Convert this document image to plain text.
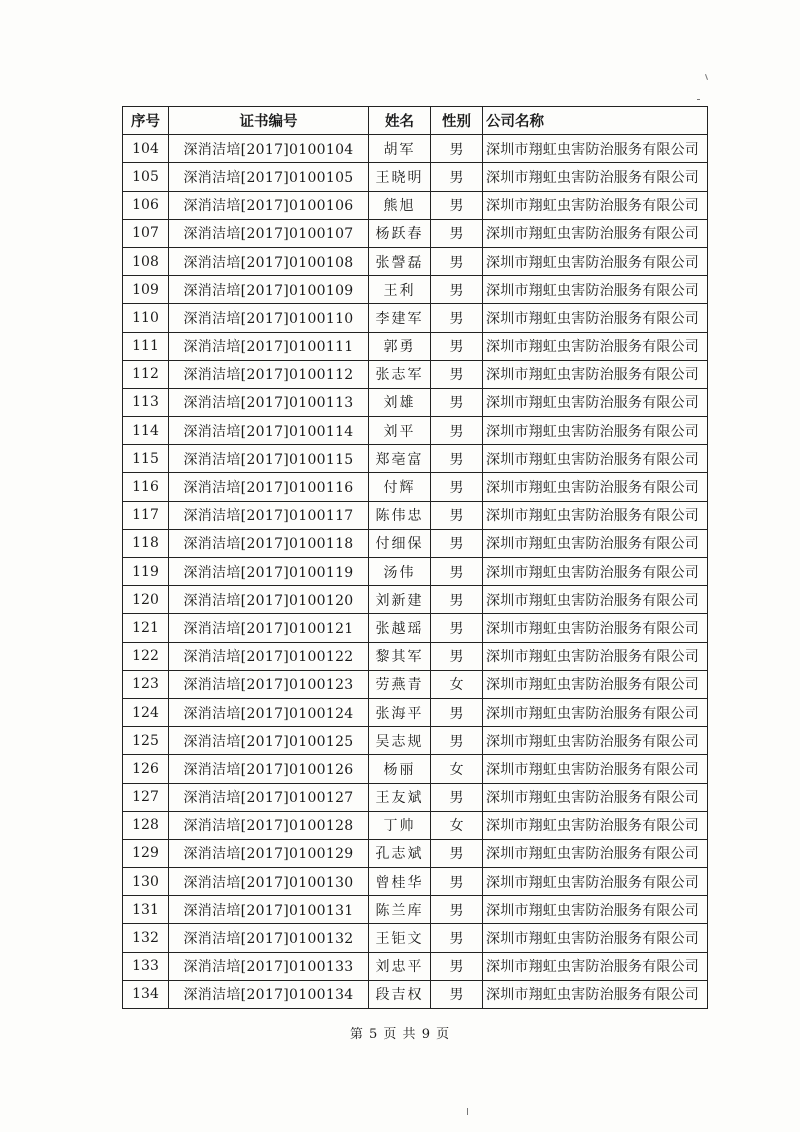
序号	证书编号	姓名	性别	公司名称
104	深消洁培[2017]0100104	胡军	男	深圳市翔虹虫害防治服务有限公司
105	深消洁培[2017]0100105	王晓明	男	深圳市翔虹虫害防治服务有限公司
106	深消洁培[2017]0100106	熊旭	男	深圳市翔虹虫害防治服务有限公司
107	深消洁培[2017]0100107	杨跃春	男	深圳市翔虹虫害防治服务有限公司
108	深消洁培[2017]0100108	张謦磊	男	深圳市翔虹虫害防治服务有限公司
109	深消洁培[2017]0100109	王利	男	深圳市翔虹虫害防治服务有限公司
110	深消洁培[2017]0100110	李建军	男	深圳市翔虹虫害防治服务有限公司
111	深消洁培[2017]0100111	郭勇	男	深圳市翔虹虫害防治服务有限公司
112	深消洁培[2017]0100112	张志军	男	深圳市翔虹虫害防治服务有限公司
113	深消洁培[2017]0100113	刘雄	男	深圳市翔虹虫害防治服务有限公司
114	深消洁培[2017]0100114	刘平	男	深圳市翔虹虫害防治服务有限公司
115	深消洁培[2017]0100115	郑亳富	男	深圳市翔虹虫害防治服务有限公司
116	深消洁培[2017]0100116	付辉	男	深圳市翔虹虫害防治服务有限公司
117	深消洁培[2017]0100117	陈伟忠	男	深圳市翔虹虫害防治服务有限公司
118	深消洁培[2017]0100118	付细保	男	深圳市翔虹虫害防治服务有限公司
119	深消洁培[2017]0100119	汤伟	男	深圳市翔虹虫害防治服务有限公司
120	深消洁培[2017]0100120	刘新建	男	深圳市翔虹虫害防治服务有限公司
121	深消洁培[2017]0100121	张越瑶	男	深圳市翔虹虫害防治服务有限公司
122	深消洁培[2017]0100122	黎其军	男	深圳市翔虹虫害防治服务有限公司
123	深消洁培[2017]0100123	劳燕青	女	深圳市翔虹虫害防治服务有限公司
124	深消洁培[2017]0100124	张海平	男	深圳市翔虹虫害防治服务有限公司
125	深消洁培[2017]0100125	吴志规	男	深圳市翔虹虫害防治服务有限公司
126	深消洁培[2017]0100126	杨丽	女	深圳市翔虹虫害防治服务有限公司
127	深消洁培[2017]0100127	王友斌	男	深圳市翔虹虫害防治服务有限公司
128	深消洁培[2017]0100128	丁帅	女	深圳市翔虹虫害防治服务有限公司
129	深消洁培[2017]0100129	孔志斌	男	深圳市翔虹虫害防治服务有限公司
130	深消洁培[2017]0100130	曾桂华	男	深圳市翔虹虫害防治服务有限公司
131	深消洁培[2017]0100131	陈兰库	男	深圳市翔虹虫害防治服务有限公司
132	深消洁培[2017]0100132	王钜文	男	深圳市翔虹虫害防治服务有限公司
133	深消洁培[2017]0100133	刘忠平	男	深圳市翔虹虫害防治服务有限公司
134	深消洁培[2017]0100134	段吉权	男	深圳市翔虹虫害防治服务有限公司
第 5 页 共 9 页
